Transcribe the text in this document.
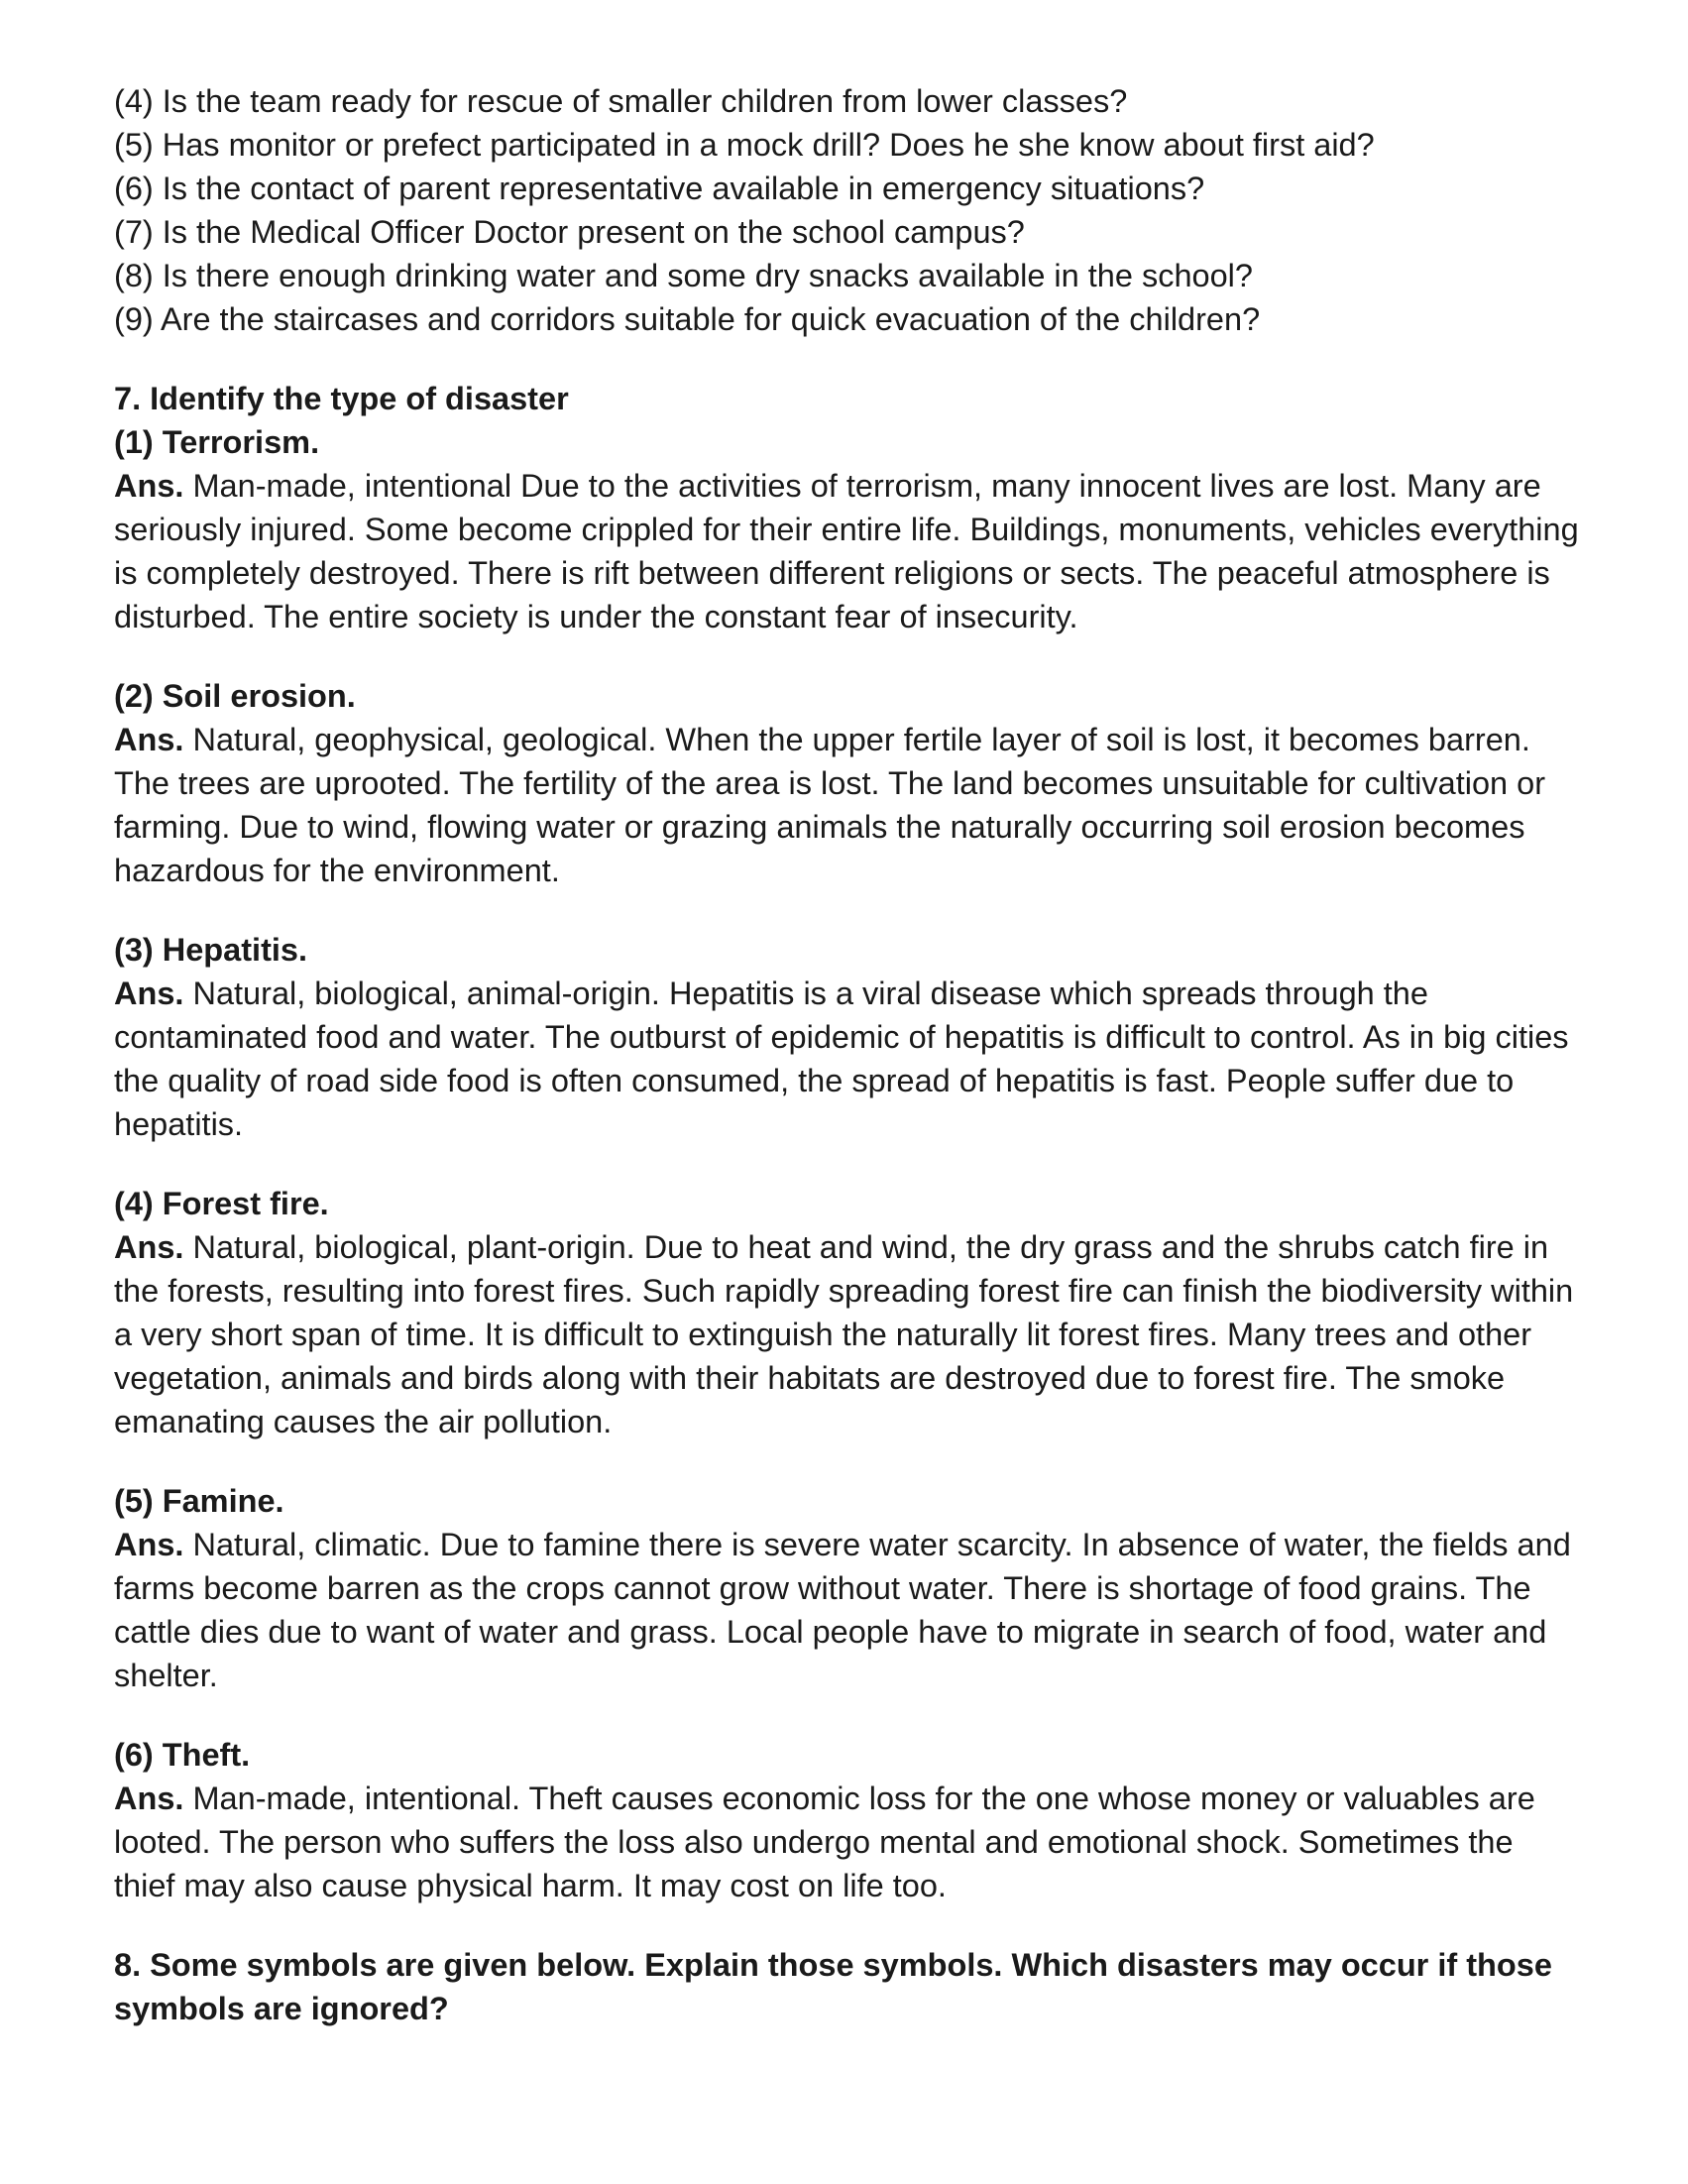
(4) Is the team ready for rescue of smaller children from lower classes?

(5) Has monitor or prefect participated in a mock drill? Does he she know about first aid?

(6) Is the contact of parent representative available in emergency situations?

(7) Is the Medical Officer Doctor present on the school campus?

(8) Is there enough drinking water and some dry snacks available in the school?

(9) Are the staircases and corridors suitable for quick evacuation of the children?

7. Identify the type of disaster

(1) Terrorism.

Ans. Man-made, intentional Due to the activities of terrorism, many innocent lives are lost. Many are seriously injured. Some become crippled for their entire life. Buildings, monuments, vehicles everything is completely destroyed. There is rift between different religions or sects. The peaceful atmosphere is disturbed. The entire society is under the constant fear of insecurity.

(2) Soil erosion.

Ans. Natural, geophysical, geological. When the upper fertile layer of soil is lost, it becomes barren. The trees are uprooted. The fertility of the area is lost. The land becomes unsuitable for cultivation or farming. Due to wind, flowing water or grazing animals the naturally occurring soil erosion becomes hazardous for the environment.

(3) Hepatitis.

Ans. Natural, biological, animal-origin. Hepatitis is a viral disease which spreads through the contaminated food and water. The outburst of epidemic of hepatitis is difficult to control. As in big cities the quality of road side food is often consumed, the spread of hepatitis is fast. People suffer due to hepatitis.

(4) Forest fire.

Ans. Natural, biological, plant-origin. Due to heat and wind, the dry grass and the shrubs catch fire in the forests, resulting into forest fires. Such rapidly spreading forest fire can finish the biodiversity within a very short span of time. It is difficult to extinguish the naturally lit forest fires. Many trees and other vegetation, animals and birds along with their habitats are destroyed due to forest fire. The smoke emanating causes the air pollution.

(5) Famine.

Ans. Natural, climatic. Due to famine there is severe water scarcity. In absence of water, the fields and farms become barren as the crops cannot grow without water. There is shortage of food grains. The cattle dies due to want of water and grass. Local people have to migrate in search of food, water and shelter.

(6) Theft.

Ans. Man-made, intentional. Theft causes economic loss for the one whose money or valuables are looted. The person who suffers the loss also undergo mental and emotional shock. Sometimes the thief may also cause physical harm. It may cost on life too.

8. Some symbols are given below. Explain those symbols. Which disasters may occur if those symbols are ignored?
